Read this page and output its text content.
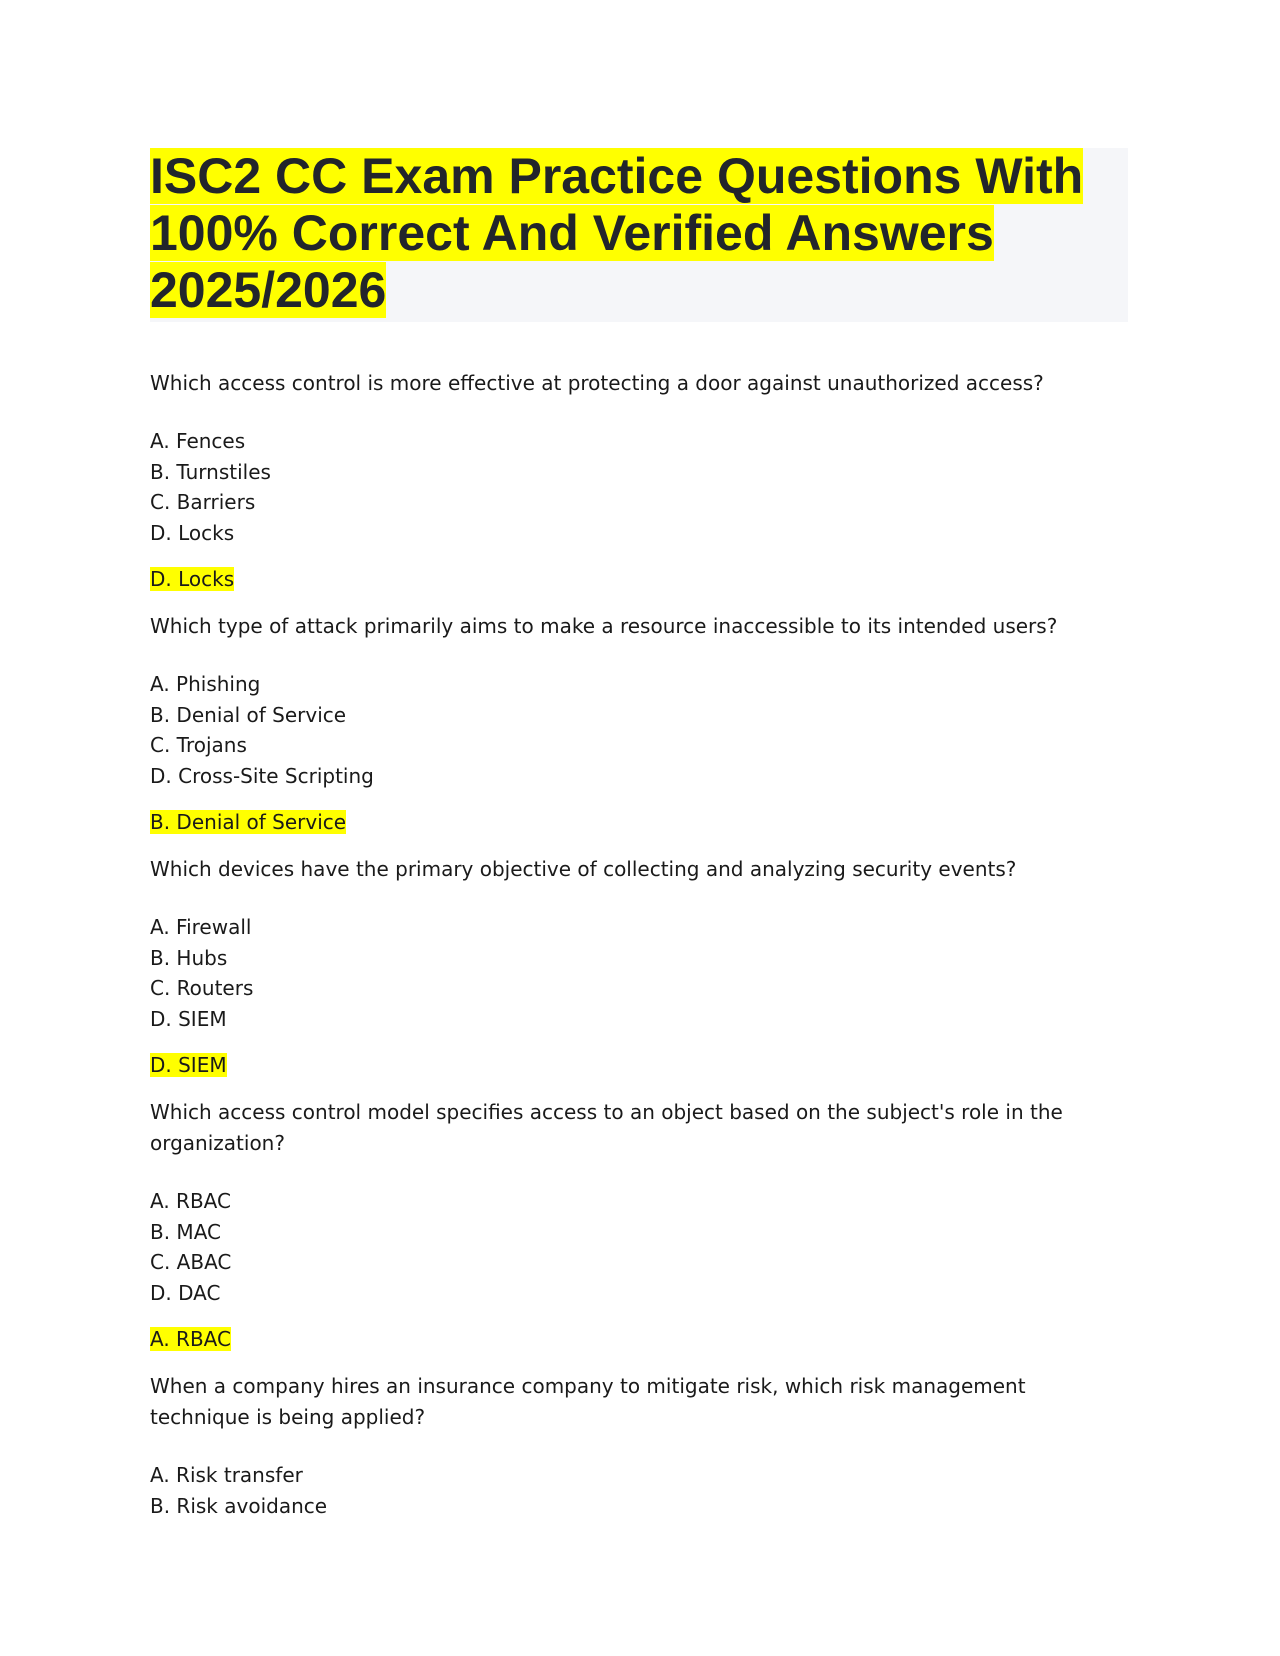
ISC2 CC Exam Practice Questions With 100% Correct And Verified Answers 2025/2026

Which access control is more effective at protecting a door against unauthorized access?

A. Fences
B. Turnstiles
C. Barriers
D. Locks

D. Locks

Which type of attack primarily aims to make a resource inaccessible to its intended users?

A. Phishing
B. Denial of Service
C. Trojans
D. Cross-Site Scripting

B. Denial of Service

Which devices have the primary objective of collecting and analyzing security events?

A. Firewall
B. Hubs
C. Routers
D. SIEM

D. SIEM

Which access control model specifies access to an object based on the subject's role in the organization?

A. RBAC
B. MAC
C. ABAC
D. DAC

A. RBAC

When a company hires an insurance company to mitigate risk, which risk management technique is being applied?

A. Risk transfer
B. Risk avoidance
